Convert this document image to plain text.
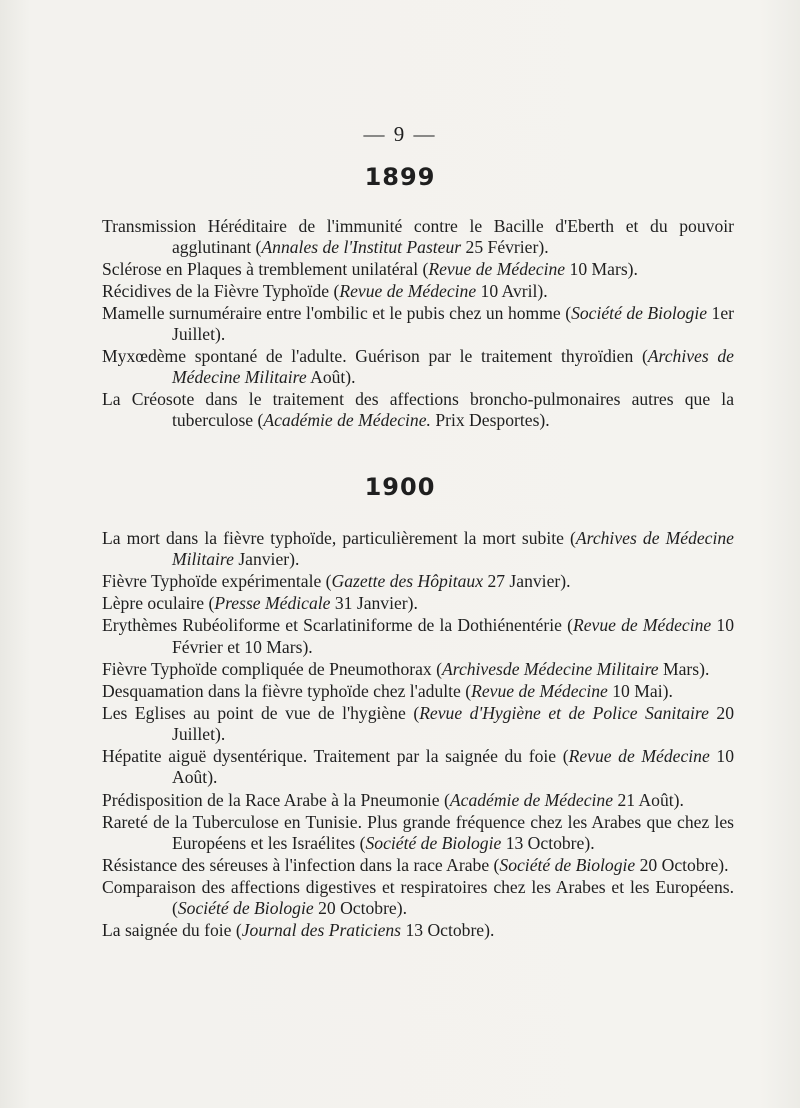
— 9 —
1899
Transmission Héréditaire de l'immunité contre le Bacille d'Eberth et du pouvoir agglutinant (Annales de l'Institut Pasteur 25 Février).
Sclérose en Plaques à tremblement unilatéral (Revue de Médecine 10 Mars).
Récidives de la Fièvre Typhoïde (Revue de Médecine 10 Avril).
Mamelle surnuméraire entre l'ombilic et le pubis chez un homme (Société de Biologie 1er Juillet).
Myxœdème spontané de l'adulte. Guérison par le traitement thyroïdien (Archives de Médecine Militaire Août).
La Créosote dans le traitement des affections broncho-pulmonaires autres que la tuberculose (Académie de Médecine. Prix Desportes).
1900
La mort dans la fièvre typhoïde, particulièrement la mort subite (Archives de Médecine Militaire Janvier).
Fièvre Typhoïde expérimentale (Gazette des Hôpitaux 27 Janvier).
Lèpre oculaire (Presse Médicale 31 Janvier).
Erythèmes Rubéoliforme et Scarlatiniforme de la Dothiénentérie (Revue de Médecine 10 Février et 10 Mars).
Fièvre Typhoïde compliquée de Pneumothorax (Archivesde Médecine Militaire Mars).
Desquamation dans la fièvre typhoïde chez l'adulte (Revue de Médecine 10 Mai).
Les Eglises au point de vue de l'hygiène (Revue d'Hygiène et de Police Sanitaire 20 Juillet).
Hépatite aiguë dysentérique. Traitement par la saignée du foie (Revue de Médecine 10 Août).
Prédisposition de la Race Arabe à la Pneumonie (Académie de Médecine 21 Août).
Rareté de la Tuberculose en Tunisie. Plus grande fréquence chez les Arabes que chez les Européens et les Israélites (Société de Biologie 13 Octobre).
Résistance des séreuses à l'infection dans la race Arabe (Société de Biologie 20 Octobre).
Comparaison des affections digestives et respiratoires chez les Arabes et les Européens. (Société de Biologie 20 Octobre).
La saignée du foie (Journal des Praticiens 13 Octobre).
